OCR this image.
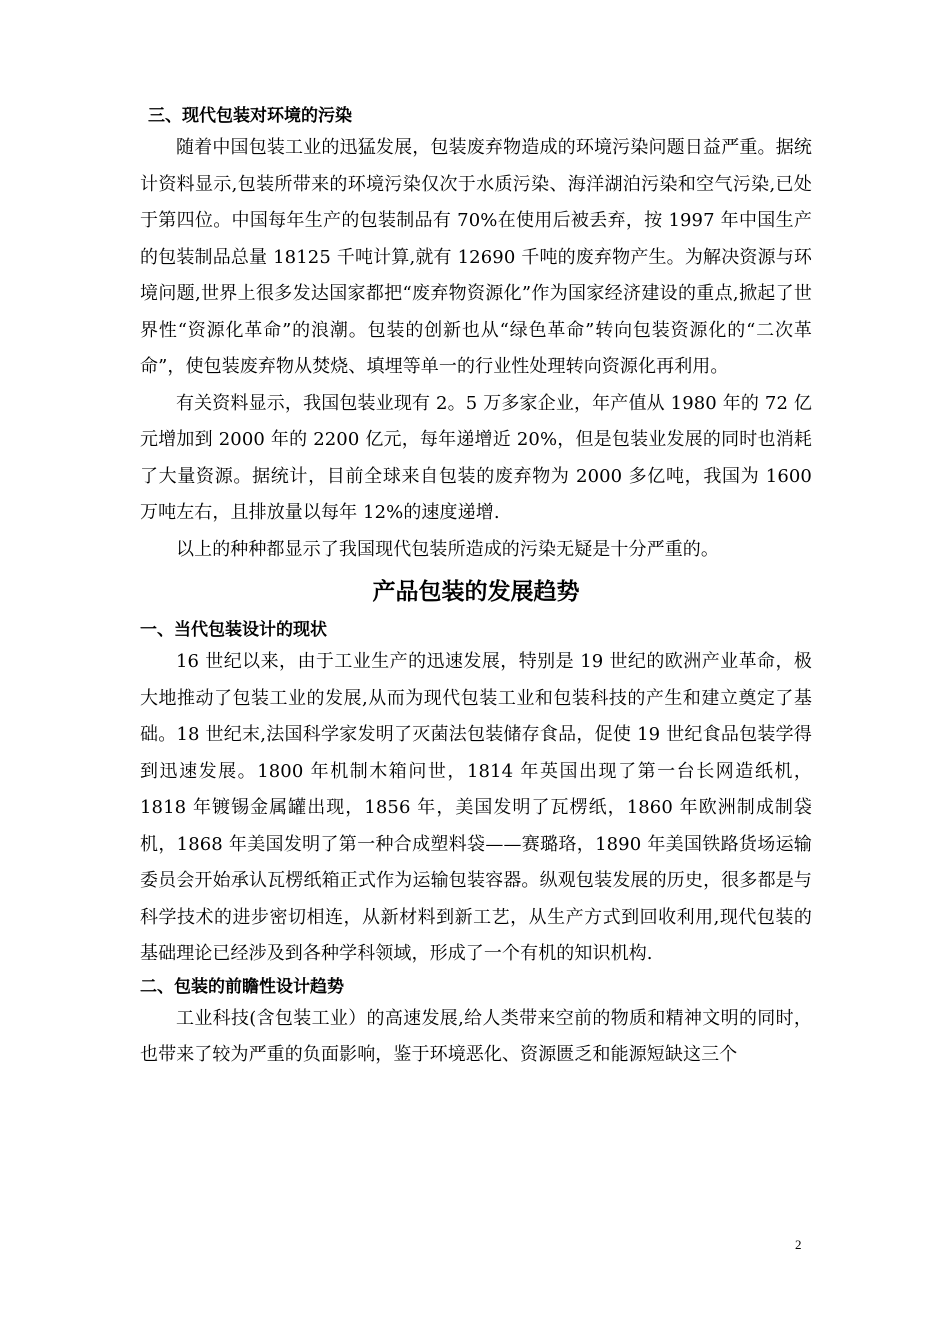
三、现代包装对环境的污染

随着中国包装工业的迅猛发展，包装废弃物造成的环境污染问题日益严重。据统计资料显示,包装所带来的环境污染仅次于水质污染、海洋湖泊污染和空气污染,已处于第四位。中国每年生产的包装制品有 70%在使用后被丢弃，按 1997 年中国生产的包装制品总量 18125 千吨计算,就有 12690 千吨的废弃物产生。为解决资源与环境问题,世界上很多发达国家都把“废弃物资源化”作为国家经济建设的重点,掀起了世界性“资源化革命”的浪潮。包装的创新也从“绿色革命”转向包装资源化的“二次革命”，使包装废弃物从焚烧、填埋等单一的行业性处理转向资源化再利用。

有关资料显示，我国包装业现有 2。5 万多家企业，年产值从 1980 年的 72 亿元增加到 2000 年的 2200 亿元，每年递增近 20%，但是包装业发展的同时也消耗了大量资源。据统计，目前全球来自包装的废弃物为 2000 多亿吨，我国为 1600 万吨左右，且排放量以每年 12%的速度递增.

以上的种种都显示了我国现代包装所造成的污染无疑是十分严重的。

产品包装的发展趋势
一、当代包装设计的现状

16 世纪以来，由于工业生产的迅速发展，特别是 19 世纪的欧洲产业革命，极大地推动了包装工业的发展,从而为现代包装工业和包装科技的产生和建立奠定了基础。18 世纪末,法国科学家发明了灭菌法包装储存食品，促使 19 世纪食品包装学得到迅速发展。1800 年机制木箱问世，1814 年英国出现了第一台长网造纸机，1818 年镀锡金属罐出现，1856 年，美国发明了瓦楞纸，1860 年欧洲制成制袋机，1868 年美国发明了第一种合成塑料袋——赛璐珞，1890 年美国铁路货场运输委员会开始承认瓦楞纸箱正式作为运输包装容器。纵观包装发展的历史，很多都是与科学技术的进步密切相连，从新材料到新工艺，从生产方式到回收利用,现代包装的基础理论已经涉及到各种学科领域，形成了一个有机的知识机构.

二、包装的前瞻性设计趋势

工业科技(含包装工业）的高速发展,给人类带来空前的物质和精神文明的同时，也带来了较为严重的负面影响，鉴于环境恶化、资源匮乏和能源短缺这三个

2
